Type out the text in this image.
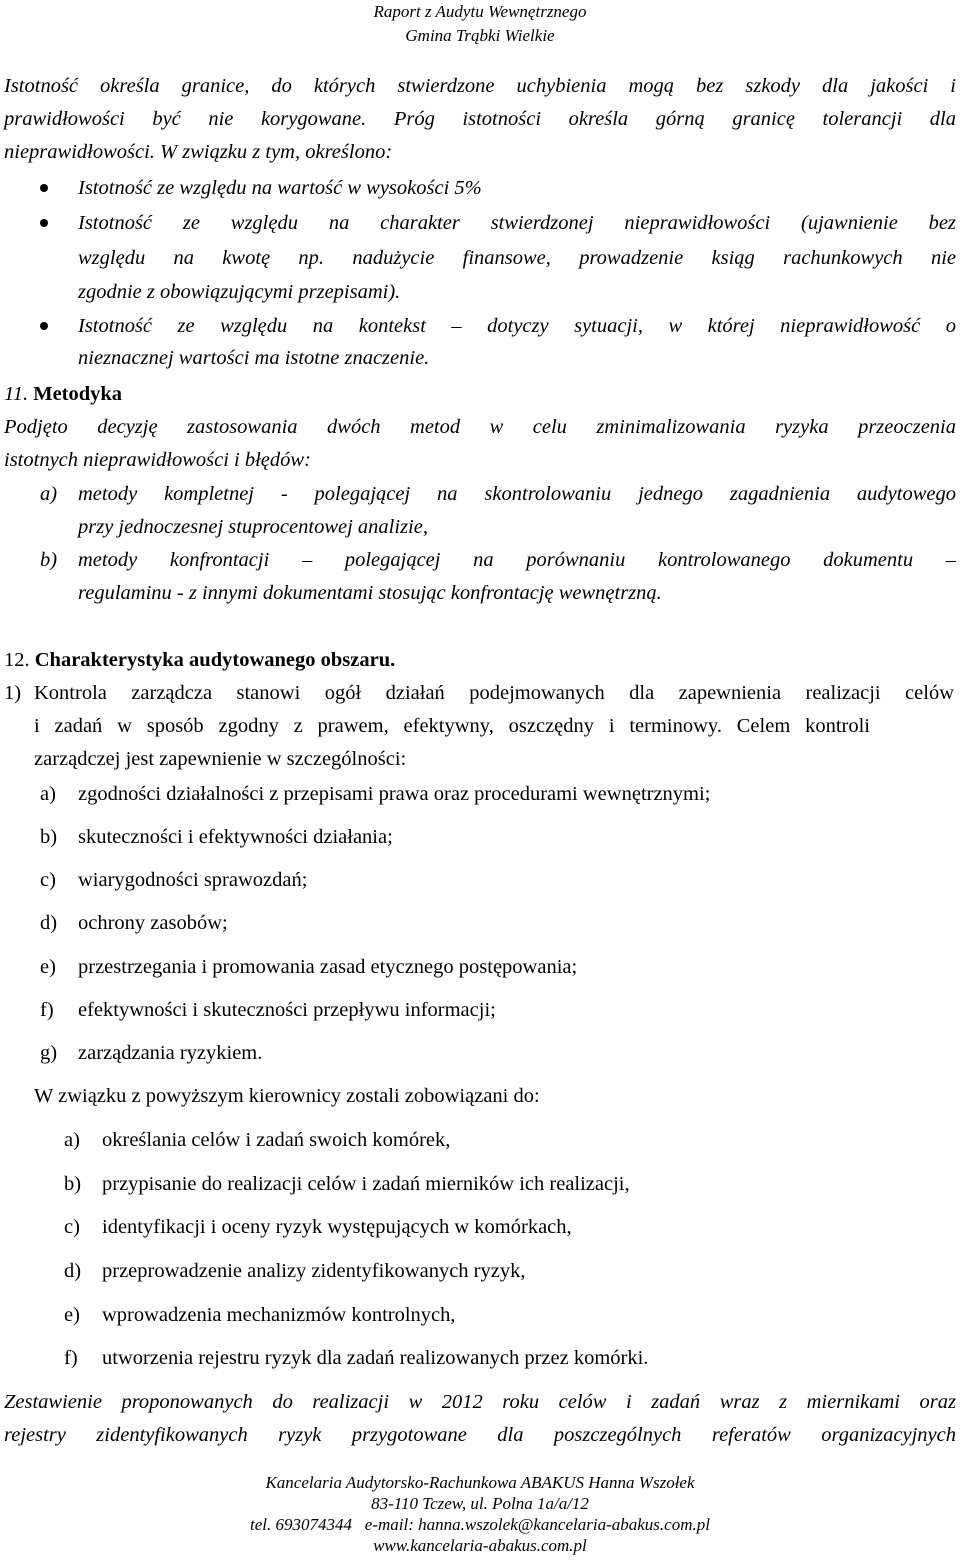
Raport z Audytu Wewnętrznego
Gmina Trąbki Wielkie
Istotność określa granice, do których stwierdzone uchybienia mogą bez szkody dla jakości i
prawidłowości być nie korygowane. Próg istotności określa górną granicę tolerancji dla
nieprawidłowości. W związku z tym, określono:
Istotność ze względu na wartość w wysokości 5%
Istotność ze względu na charakter stwierdzonej nieprawidłowości (ujawnienie bez
względu na kwotę np. nadużycie finansowe, prowadzenie ksiąg rachunkowych nie
zgodnie z obowiązującymi przepisami).
Istotność ze względu na kontekst – dotyczy sytuacji, w której nieprawidłowość o
nieznacznej wartości ma istotne znaczenie.
11. Metodyka
Podjęto decyzję zastosowania dwóch metod w celu zminimalizowania ryzyka przeoczenia
istotnych nieprawidłowości i błędów:
a) metody kompletnej - polegającej na skontrolowaniu jednego zagadnienia audytowego
przy jednoczesnej stuprocentowej analizie,
b) metody konfrontacji – polegającej na porównaniu kontrolowanego dokumentu –
regulaminu - z innymi dokumentami stosując konfrontację wewnętrzną.
12. Charakterystyka audytowanego obszaru.
1) Kontrola zarządcza stanowi ogół działań podejmowanych dla zapewnienia realizacji celów
i zadań w sposób zgodny z prawem, efektywny, oszczędny i terminowy. Celem kontroli
zarządczej jest zapewnienie w szczególności:
a) zgodności działalności z przepisami prawa oraz procedurami wewnętrznymi;
b) skuteczności i efektywności działania;
c) wiarygodności sprawozdań;
d) ochrony zasobów;
e) przestrzegania i promowania zasad etycznego postępowania;
f) efektywności i skuteczności przepływu informacji;
g) zarządzania ryzykiem.
W związku z powyższym kierownicy zostali zobowiązani do:
a) określania celów i zadań swoich komórek,
b) przypisanie do realizacji celów i zadań mierników ich realizacji,
c) identyfikacji i oceny ryzyk występujących w komórkach,
d) przeprowadzenie analizy zidentyfikowanych ryzyk,
e) wprowadzenia mechanizmów kontrolnych,
f) utworzenia rejestru ryzyk dla zadań realizowanych przez komórki.
Zestawienie proponowanych do realizacji w 2012 roku celów i zadań wraz z miernikami oraz
rejestry zidentyfikowanych ryzyk przygotowane dla poszczególnych referatów organizacyjnych
Kancelaria Audytorsko-Rachunkowa ABAKUS Hanna Wszołek
83-110 Tczew, ul. Polna 1a/a/12
tel. 693074344   e-mail: hanna.wszolek@kancelaria-abakus.com.pl
www.kancelaria-abakus.com.pl
